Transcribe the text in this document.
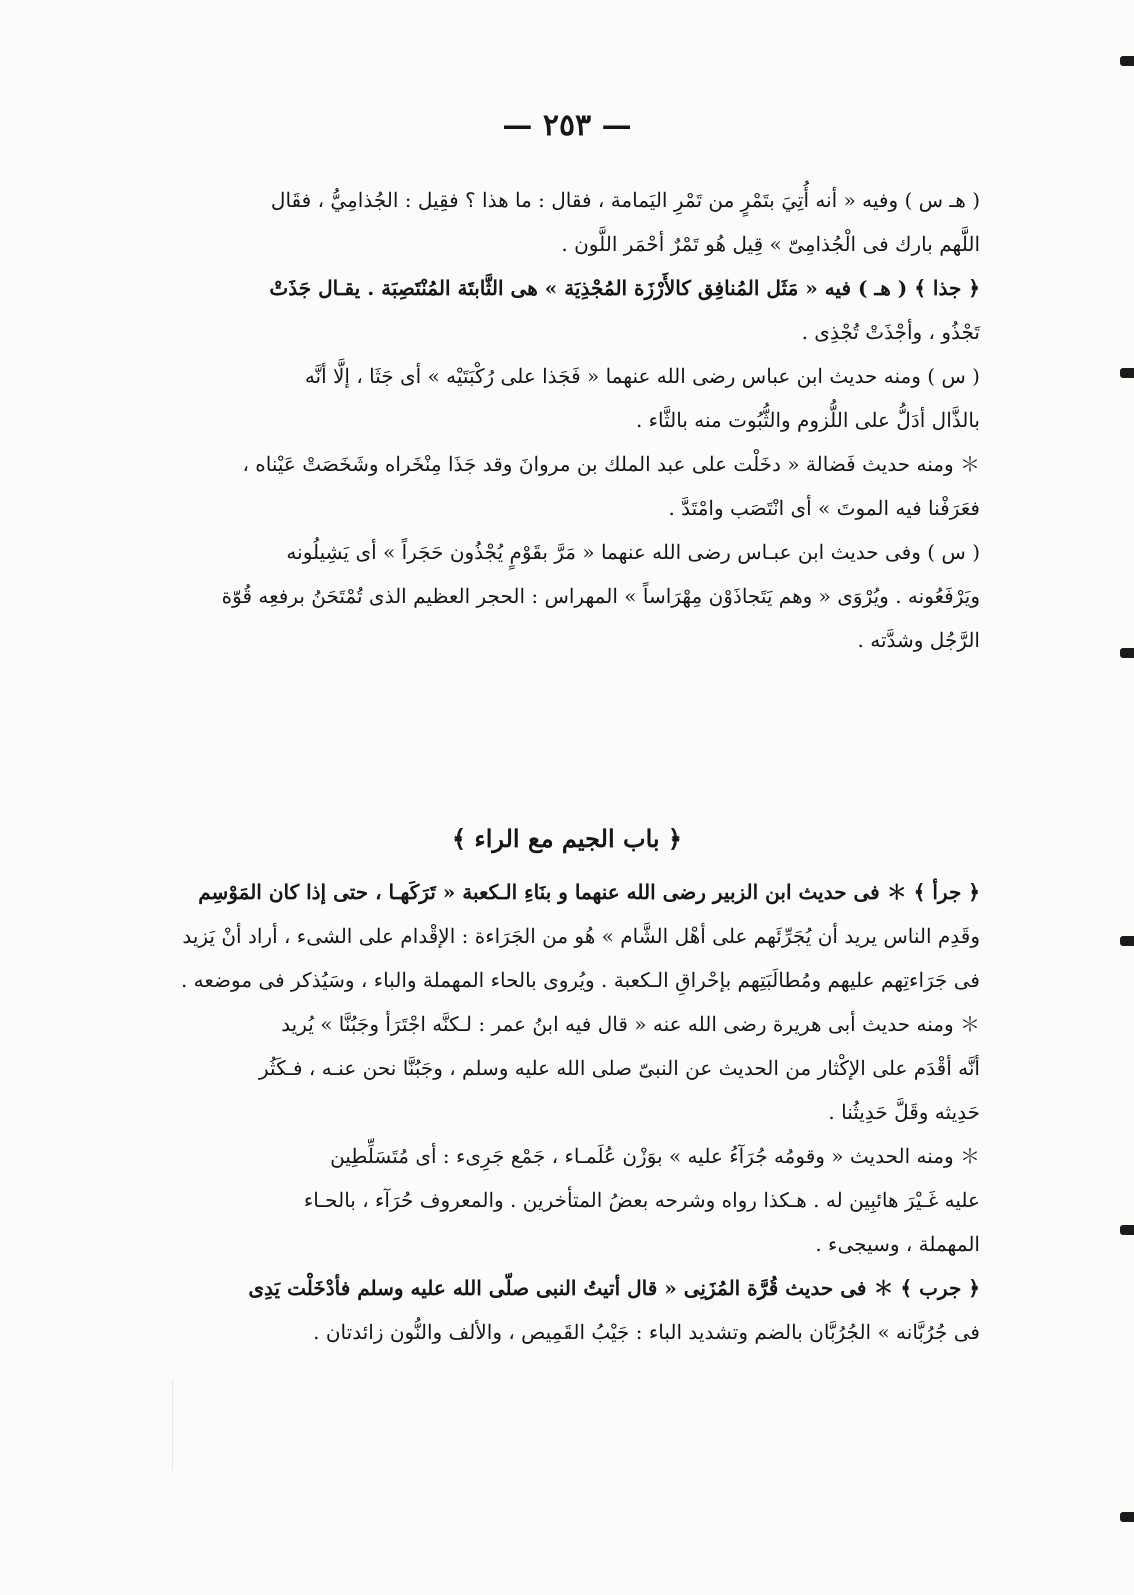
— ٢٥٣ —
( هـ س ) وفيه « أنه أُتِيَ بتَمْرٍ من تَمْرِ اليَمامة ، فقال : ما هذا ؟ فقِيل : الجُذامِيُّ ، فقَال
اللَّهم بارك فى الْجُذامِىّ » قِيل هُو تَمْرٌ أحْمَر اللَّون .
﴿ جذا ﴾ ( هـ ) فيه « مَثَل المُنافِق كالأَرْزَة المُجْذِيَة » هى الثَّابتَة المُنْتَصِبَة . يقـال جَذَتْ
تَجْذُو ، وأجْذَتْ تُجْذِى .
( س ) ومنه حديث ابن عباس رضى الله عنهما « فَجَذا على رُكْبَتَيْه » أى جَثَا ، إلَّا أنَّه
بالذَّال أدَلُّ على اللُّزوم والثُّبُوت منه بالثَّاء .
＊ ومنه حديث فَضالة « دخَلْت على عبد الملك بن مروانَ وقد جَذَا مِنْخَراه وشَخَصَتْ عَيْناه ،
فعَرَفْنا فيه الموتَ » أى انْتَصَب وامْتَدَّ .
( س ) وفى حديث ابن عبـاس رضى الله عنهما « مَرَّ بقَوْمٍ يُجْذُون حَجَراً » أى يَشِيلُونه
ويَرْفَعُونه . ويُرْوَى « وهم يَتَجاذَوْن مِهْرَاساً » المهراس : الحجر العظيم الذى تُمْتَحَنُ برفعِه قُوّة
الرَّجُل وشدَّته .
﴿ باب الجيم مع الراء ﴾
﴿ جرأ ﴾ ＊ فى حديث ابن الزبير رضى الله عنهما و بنَاءِ الـكعبة « تَرَكَهـا ، حتى إذا كان المَوْسِم
وقَدِم الناس يريد أن يُجَرِّئَهم على أهْل الشَّام » هُو من الجَرَاءة : الإقْدام على الشىء ، أراد أنْ يَزيد
فى جَرَاءتِهم عليهم ومُطالَبَتِهم بإحْراقِ الـكعبة . ويُروى بالحاء المهملة والباء ، وسَيُذكر فى موضعه .
＊ ومنه حديث أبى هريرة رضى الله عنه « قال فيه ابنُ عمر : لـكنَّه اجْتَرَأ وجَبُنَّا » يُريد
أنَّه أقْدَم على الإكْثار من الحديث عن النبىّ صلى الله عليه وسلم ، وجَبُنَّا نحن عنـه ، فـكَثُر
حَدِيثه وقَلَّ حَدِيثُنا .
＊ ومنه الحديث « وقومُه جُرَآءُ عليه » بوَزْن عُلَمـاء ، جَمْع جَرِىء : أى مُتَسَلِّطِين
عليه غَـيْرَ هائبِين له . هـكذا رواه وشرحه بعضُ المتأخرين . والمعروف حُرَآء ، بالحـاء
المهملة ، وسيجىء .
﴿ جرب ﴾ ＊ فى حديث قُرَّة المُزَنِى « قال أتيتُ النبى صلّى الله عليه وسلم فأدْخَلْت يَدِى
فى جُرُبَّانه » الجُرُبَّان بالضم وتشديد الباء : جَيْبُ القَمِيص ، والألف والنُّون زائدتان .
